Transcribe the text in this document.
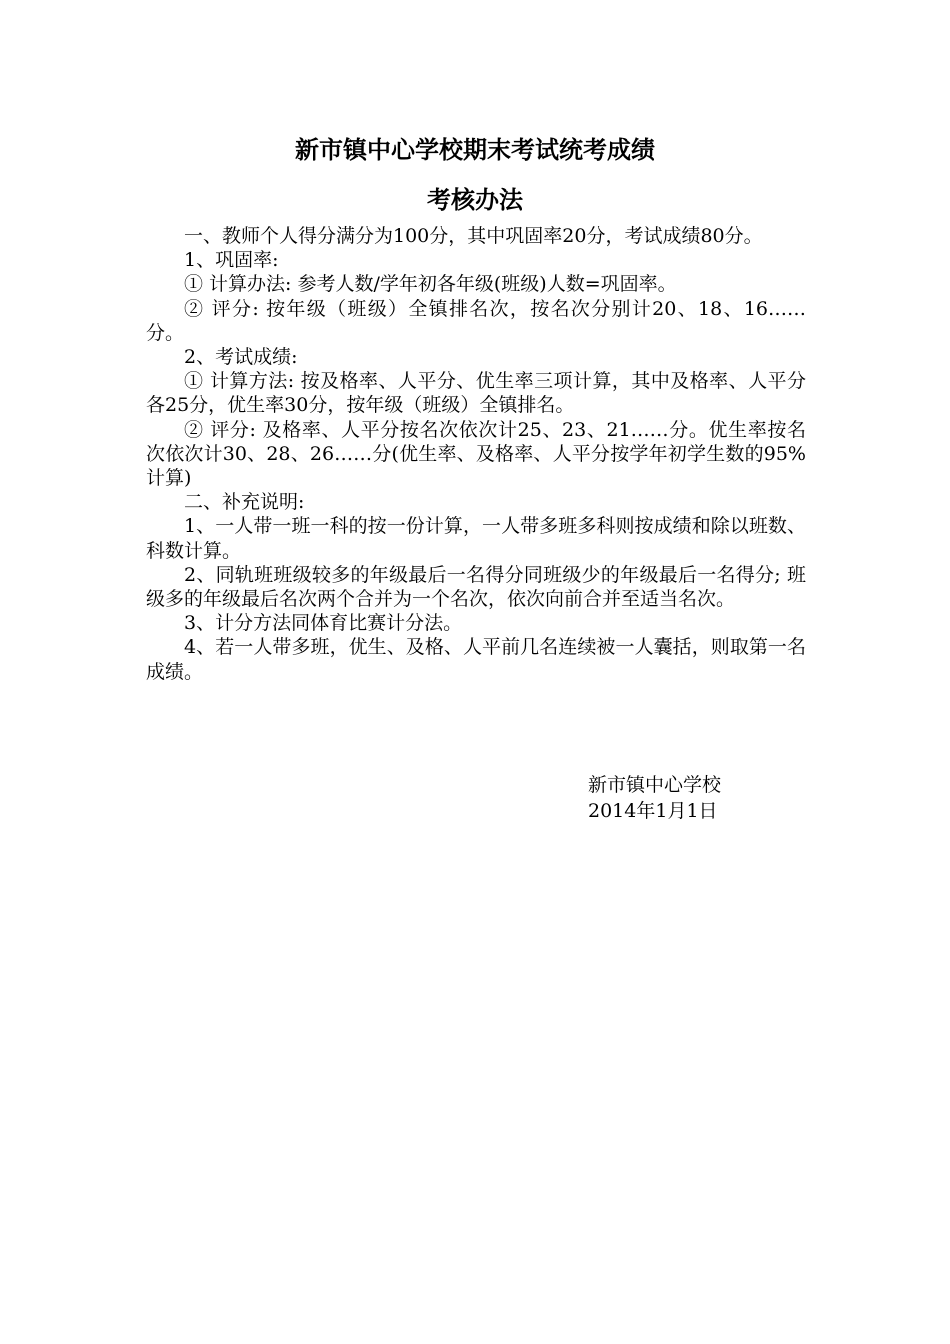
新市镇中心学校期末考试统考成绩
考核办法

一、教师个人得分满分为100分，其中巩固率20分，考试成绩80分。

1、巩固率:

① 计算办法: 参考人数/学年初各年级(班级)人数=巩固率。

② 评分: 按年级（班级）全镇排名次，按名次分别计20、18、16……分。

2、考试成绩:

① 计算方法: 按及格率、人平分、优生率三项计算，其中及格率、人平分各25分，优生率30分，按年级（班级）全镇排名。

② 评分: 及格率、人平分按名次依次计25、23、21……分。优生率按名次依次计30、28、26……分(优生率、及格率、人平分按学年初学生数的95%计算)

二、补充说明:

1、一人带一班一科的按一份计算，一人带多班多科则按成绩和除以班数、科数计算。

2、同轨班班级较多的年级最后一名得分同班级少的年级最后一名得分; 班级多的年级最后名次两个合并为一个名次，依次向前合并至适当名次。

3、计分方法同体育比赛计分法。

4、若一人带多班，优生、及格、人平前几名连续被一人囊括，则取第一名成绩。

新市镇中心学校
2014年1月1日
